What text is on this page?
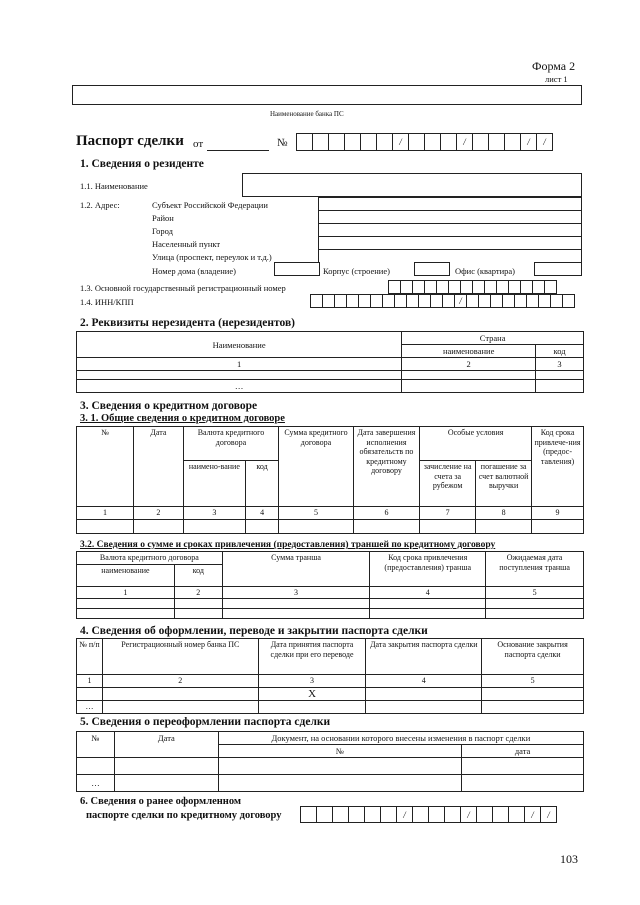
Форма 2
лист 1
Наименование банка ПС
Паспорт сделки от	№	/	/	/	/
1. Сведения о резиденте
1.1. Наименование
1.2. Адрес:	Субъект Российской Федерации
Район
Город
Населенный пункт
Улица (проспект, переулок и т.д.)
Номер дома (владение)	Корпус (строение)	Офис (квартира)
1.3. Основной государственный регистрационный номер
1.4. ИНН/КПП	/
2. Реквизиты нерезидента (нерезидентов)
Наименование	Страна	
	наименование	код
1	2	3

…		
3. Сведения о кредитном договоре
3. 1. Общие сведения о кредитном договоре
№	Дата	Валюта кредитного договора		Сумма кредитного договора	Дата завершения исполнения обязательств по кредитному договору	Особые условия		Код срока привлече-ния (предос-тавления)
		наимено-вание	код			зачисление на счета за рубежом	погашение за счет валютной выручки	
1	2	3	4	5	6	7	8	9

3.2. Сведения о сумме и сроках привлечения (предоставления) траншей по кредитному договору
Валюта кредитного договора		Сумма транша	Код срока привлечения (предоставления) транша	Ожидаемая дата поступления транша
наименование	код			
1	2	3	4	5

4. Сведения об оформлении, переводе и закрытии паспорта сделки
№ п/п	Регистрационный номер банка ПС	Дата принятия паспорта сделки при его переводе	Дата закрытия паспорта сделки	Основание закрытия паспорта сделки
1	2	3	4	5
		Х		
…				
5. Сведения о переоформлении паспорта сделки
№	Дата	Документ, на основании которого внесены изменения в паспорт сделки	
		№	дата

…			
6. Сведения о ранее оформленном
паспорте сделки по кредитному договору	/	/	/	/
103
